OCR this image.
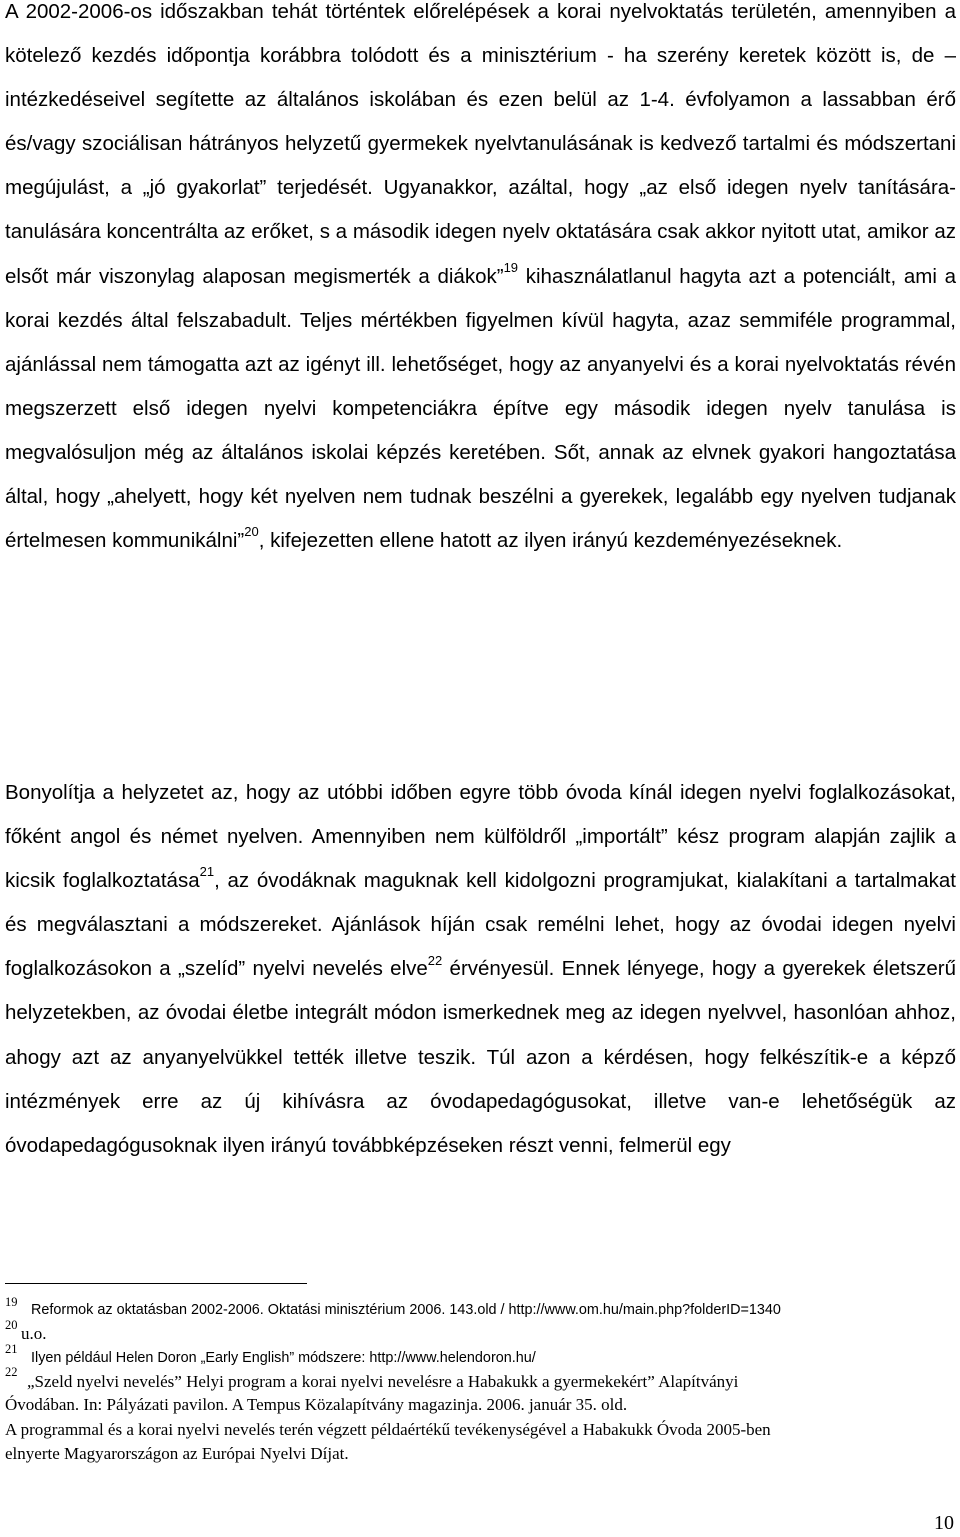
A 2002-2006-os időszakban tehát történtek előrelépések a korai nyelvoktatás területén, amennyiben a kötelező kezdés időpontja korábbra tolódott és a minisztérium - ha szerény keretek között is, de – intézkedéseivel segítette az általános iskolában és ezen belül az 1-4. évfolyamon a lassabban érő és/vagy szociálisan hátrányos helyzetű gyermekek nyelvtanulásának is kedvező tartalmi és módszertani megújulást, a „jó gyakorlat” terjedését. Ugyanakkor, azáltal, hogy „az első idegen nyelv tanítására-tanulására koncentrálta az erőket, s a második idegen nyelv oktatására csak akkor nyitott utat, amikor az elsőt már viszonylag alaposan megismerték a diákok”$^{19}$ kihasználatlanul hagyta azt a potenciált, ami a korai kezdés által felszabadult. Teljes mértékben figyelmen kívül hagyta, azaz semmiféle programmal, ajánlással nem támogatta azt az igényt ill. lehetőséget, hogy az anyanyelvi és a korai nyelvoktatás révén megszerzett első idegen nyelvi kompetenciákra építve egy második idegen nyelv tanulása is megvalósuljon még az általános iskolai képzés keretében. Sőt, annak az elvnek gyakori hangoztatása által, hogy „ahelyett, hogy két nyelven nem tudnak beszélni a gyerekek, legalább egy nyelven tudjanak értelmesen kommunikálni”$^{20}$, kifejezetten ellene hatott az ilyen irányú kezdeményezéseknek.

Bonyolítja a helyzetet az, hogy az utóbbi időben egyre több óvoda kínál idegen nyelvi foglalkozásokat, főként angol és német nyelven. Amennyiben nem külföldről „importált” kész program alapján zajlik a kicsik foglalkoztatása$^{21}$, az óvodáknak maguknak kell kidolgozni programjukat, kialakítani a tartalmakat és megválasztani a módszereket. Ajánlások híján csak remélni lehet, hogy az óvodai idegen nyelvi foglalkozásokon a „szelíd” nyelvi nevelés elve$^{22}$ érvényesül. Ennek lényege, hogy a gyerekek életszerű helyzetekben, az óvodai életbe integrált módon ismerkednek meg az idegen nyelvvel, hasonlóan ahhoz, ahogy azt az anyanyelvükkel tették illetve teszik. Túl azon a kérdésen, hogy felkészítik-e a képző intézmények erre az új kihívásra az óvodapedagógusokat, illetve van-e lehetőségük az óvodapedagógusoknak ilyen irányú továbbképzéseken részt venni, felmerül egy

19 Reformok az oktatásban 2002-2006. Oktatási minisztérium 2006. 143.old / http://www.om.hu/main.php?folderID=1340
20 u.o.
21
Ilyen például Helen Doron „Early English” módszere: http://www.helendoron.hu/
22 „Szeld nyelvi nevelés” Helyi program a korai nyelvi nevelésre a Habakukk a gyermekekért” Alapítványi

Óvodában. In: Pályázati pavilon. A Tempus Közalapítvány magazinja. 2006. január 35. old.

A programmal és a korai nyelvi nevelés terén végzett példaértékű tevékenységével a Habakukk Óvoda 2005-ben

elnyerte Magyarországon az Európai Nyelvi Díjat.

10
